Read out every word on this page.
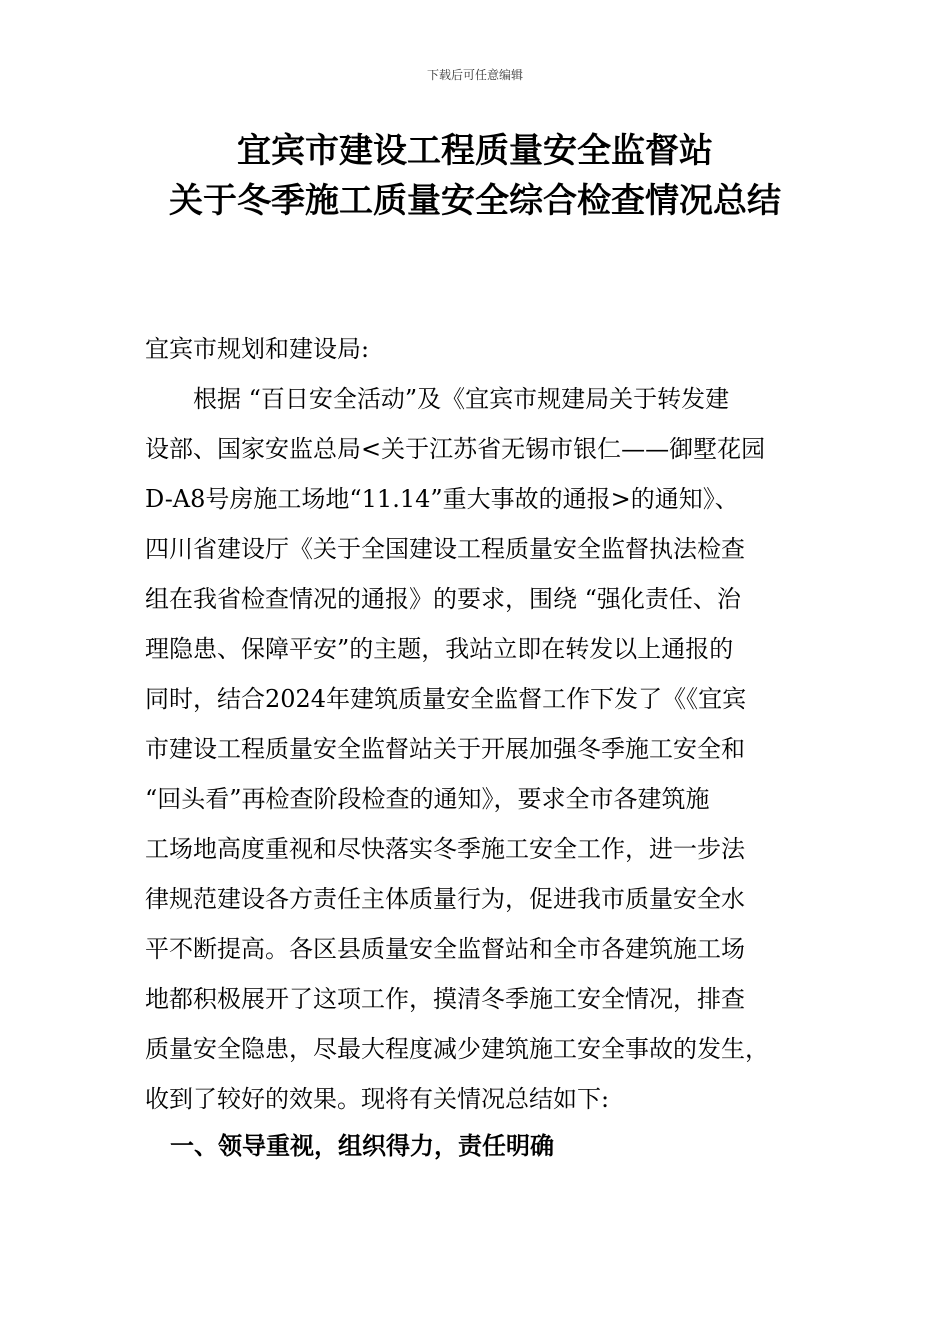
下载后可任意编辑
宜宾市建设工程质量安全监督站
关于冬季施工质量安全综合检查情况总结
宜宾市规划和建设局:
　　根据 “百日安全活动”及《宜宾市规建局关于转发建
设部、国家安监总局<关于江苏省无锡市银仁——御墅花园
D-A8号房施工场地“11.14”重大事故的通报>的通知》、
四川省建设厅《关于全国建设工程质量安全监督执法检查
组在我省检查情况的通报》的要求，围绕 “强化责任、治
理隐患、保障平安”的主题，我站立即在转发以上通报的
同时，结合2024年建筑质量安全监督工作下发了《《宜宾
市建设工程质量安全监督站关于开展加强冬季施工安全和
“回头看”再检查阶段检查的通知》，要求全市各建筑施
工场地高度重视和尽快落实冬季施工安全工作，进一步法
律规范建设各方责任主体质量行为，促进我市质量安全水
平不断提高。各区县质量安全监督站和全市各建筑施工场
地都积极展开了这项工作，摸清冬季施工安全情况，排查
质量安全隐患，尽最大程度减少建筑施工安全事故的发生，
收到了较好的效果。现将有关情况总结如下:
一、领导重视，组织得力，责任明确
